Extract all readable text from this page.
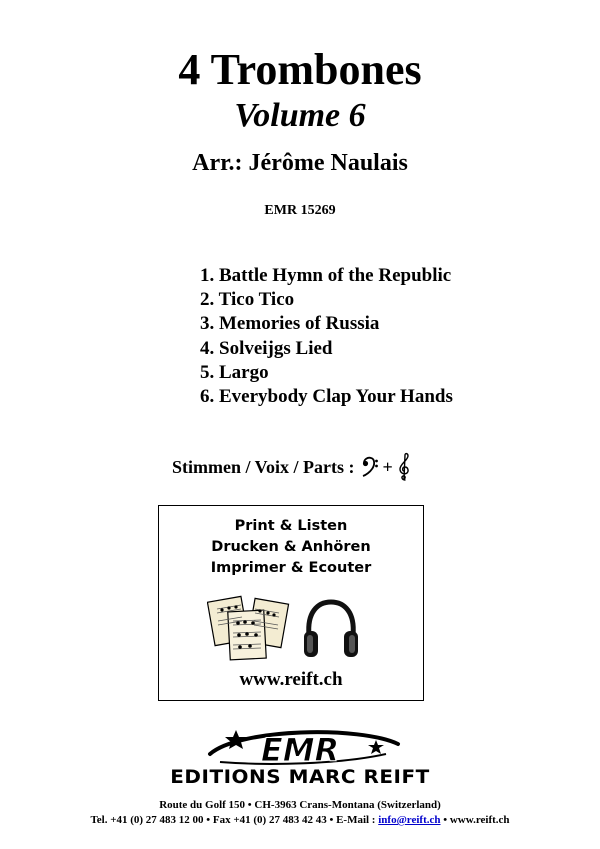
4 Trombones
Volume 6
Arr.: Jérôme Naulais
EMR 15269
1. Battle Hymn of the Republic
2. Tico Tico
3. Memories of Russia
4. Solveijgs Lied
5. Largo
6. Everybody Clap Your Hands
Stimmen / Voix / Parts : +
Print & Listen
Drucken & Anhören
Imprimer & Ecouter
www.reift.ch
EMR
EDITIONS MARC REIFT
Route du Golf 150 • CH-3963 Crans-Montana (Switzerland)
Tel. +41 (0) 27 483 12 00 • Fax +41 (0) 27 483 42 43 • E-Mail : info@reift.ch • www.reift.ch
